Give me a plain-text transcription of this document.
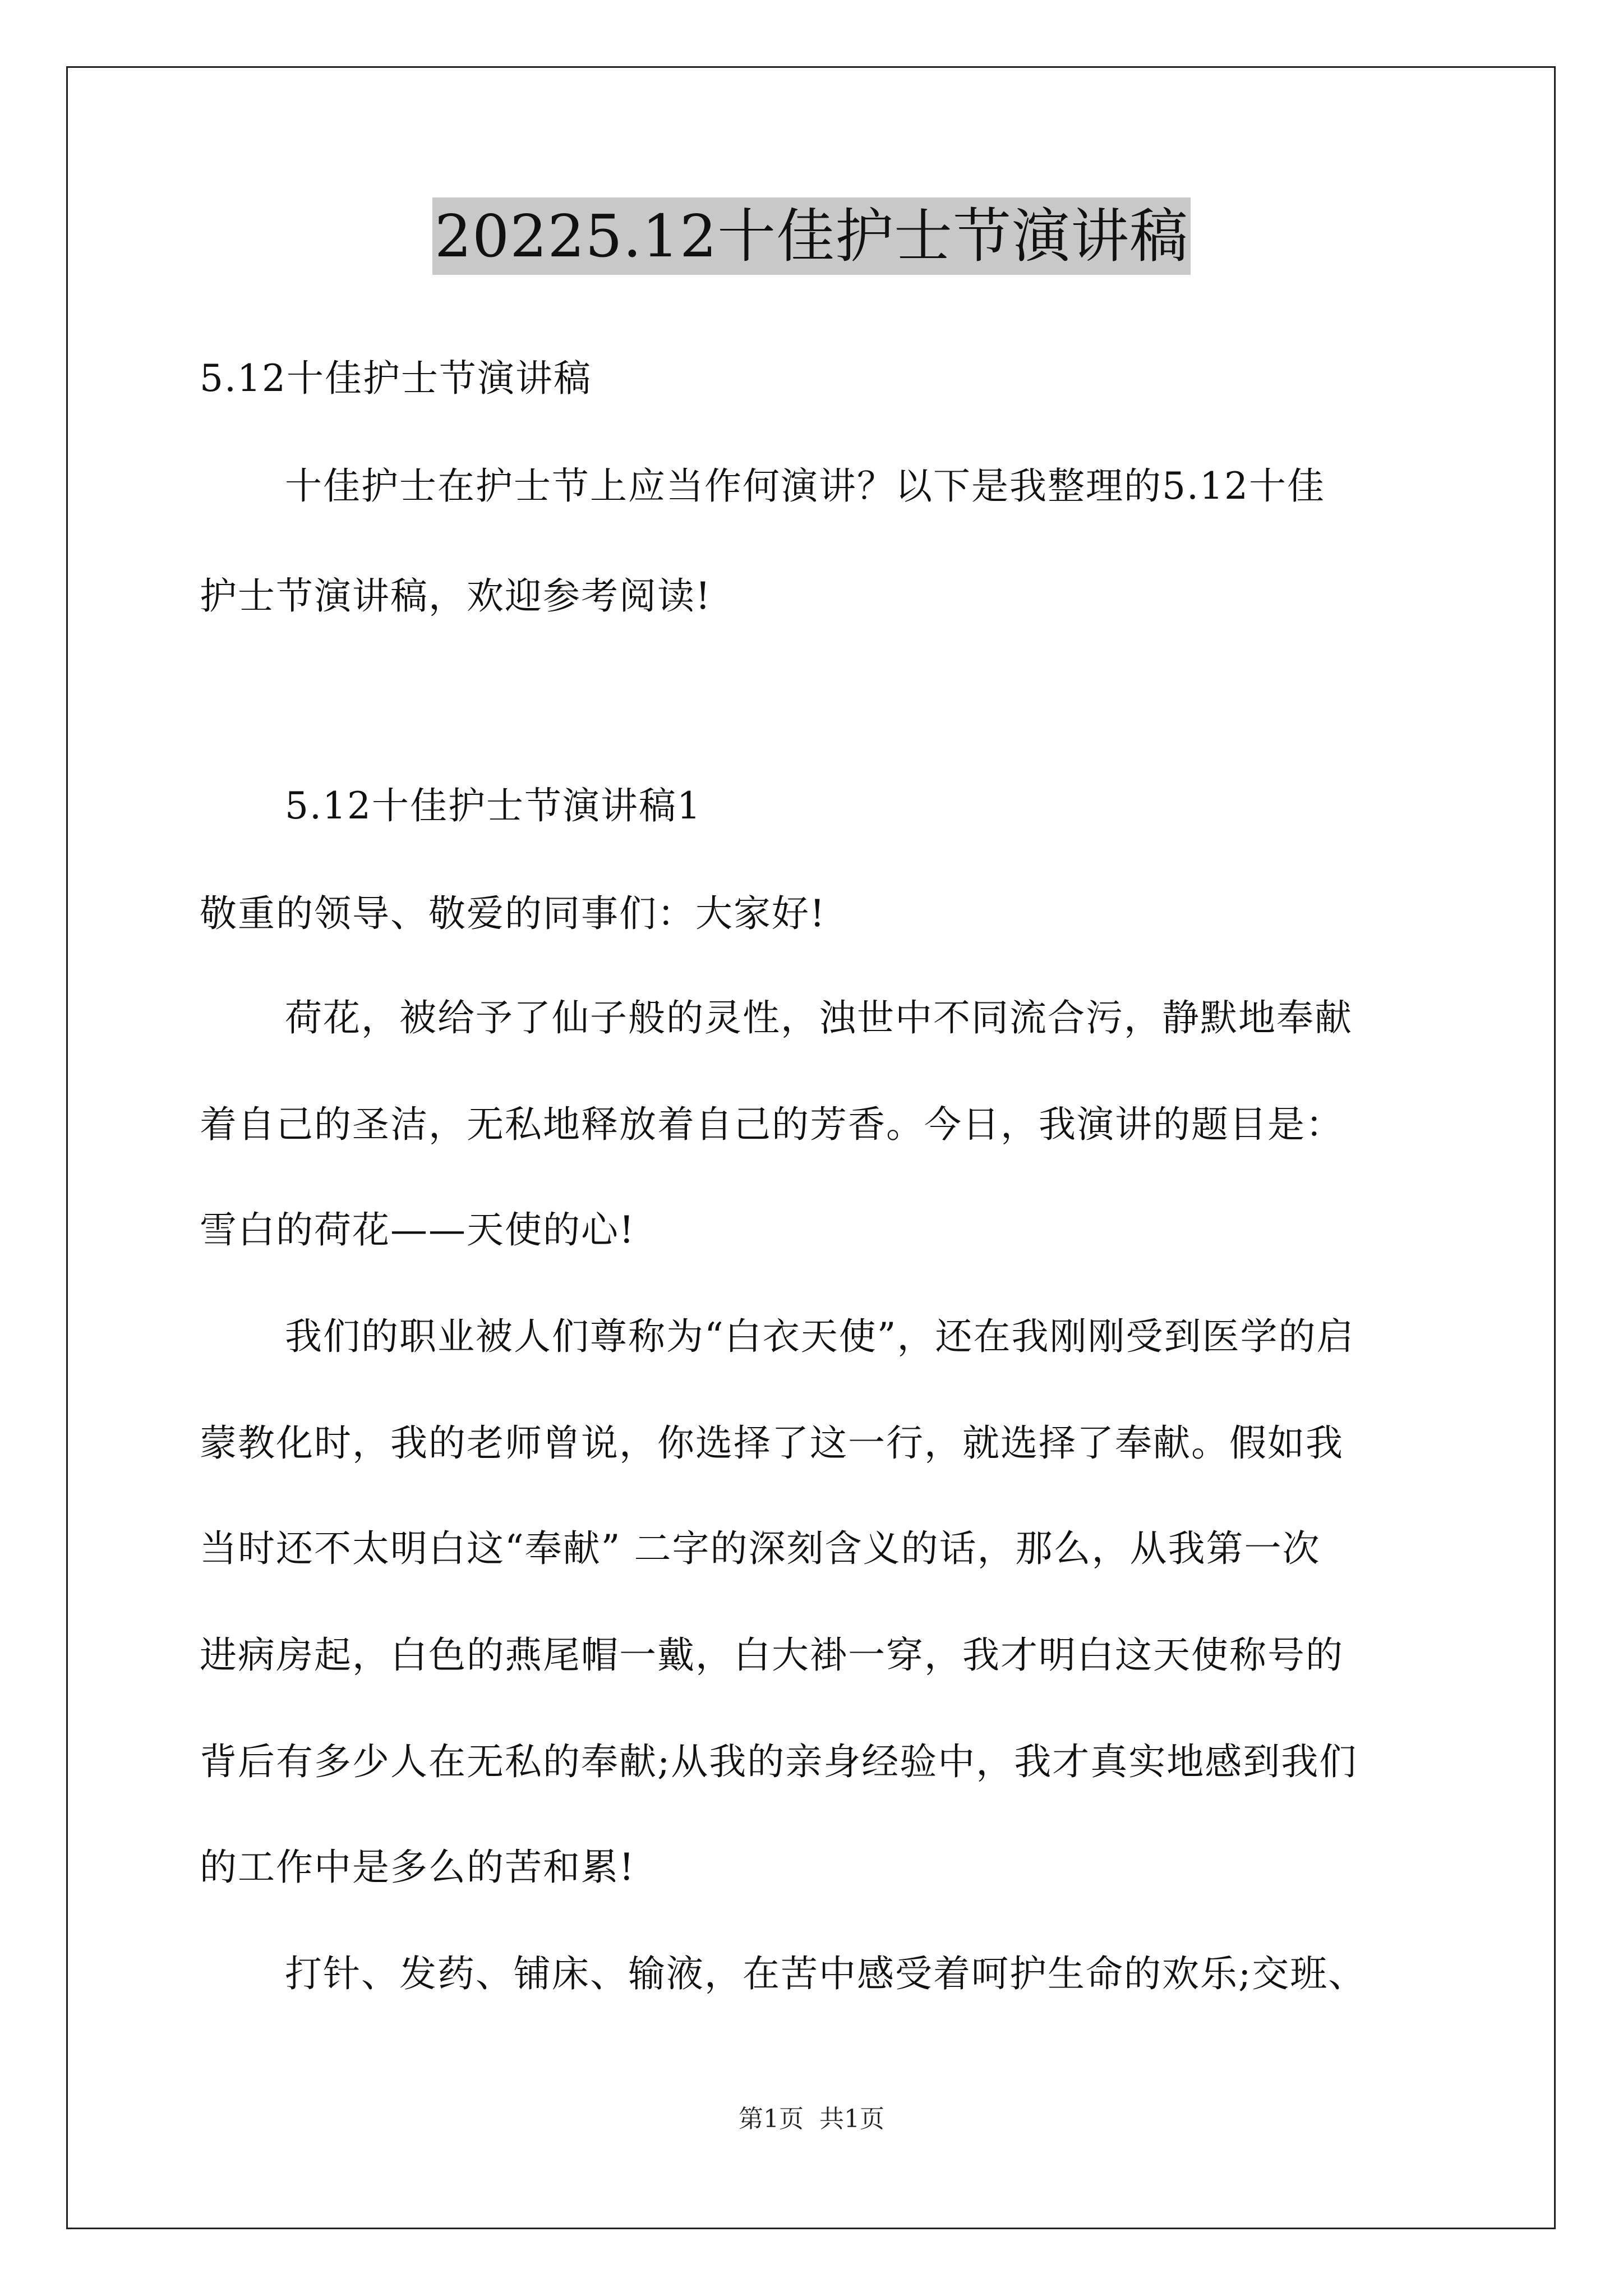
20225.12十佳护士节演讲稿
5.12十佳护士节演讲稿
十佳护士在护士节上应当作何演讲？以下是我整理的5.12十佳
护士节演讲稿，欢迎参考阅读!
5.12十佳护士节演讲稿1
敬重的领导、敬爱的同事们：大家好!
荷花，被给予了仙子般的灵性，浊世中不同流合污，静默地奉献
着自己的圣洁，无私地释放着自己的芳香。今日，我演讲的题目是：
雪白的荷花——天使的心!
我们的职业被人们尊称为“白衣天使”，还在我刚刚受到医学的启
蒙教化时，我的老师曾说，你选择了这一行，就选择了奉献。假如我
当时还不太明白这“奉献” 二字的深刻含义的话，那么，从我第一次
进病房起，白色的燕尾帽一戴，白大褂一穿，我才明白这天使称号的
背后有多少人在无私的奉献;从我的亲身经验中，我才真实地感到我们
的工作中是多么的苦和累!
打针、发药、铺床、输液，在苦中感受着呵护生命的欢乐;交班、
第1页 共1页
